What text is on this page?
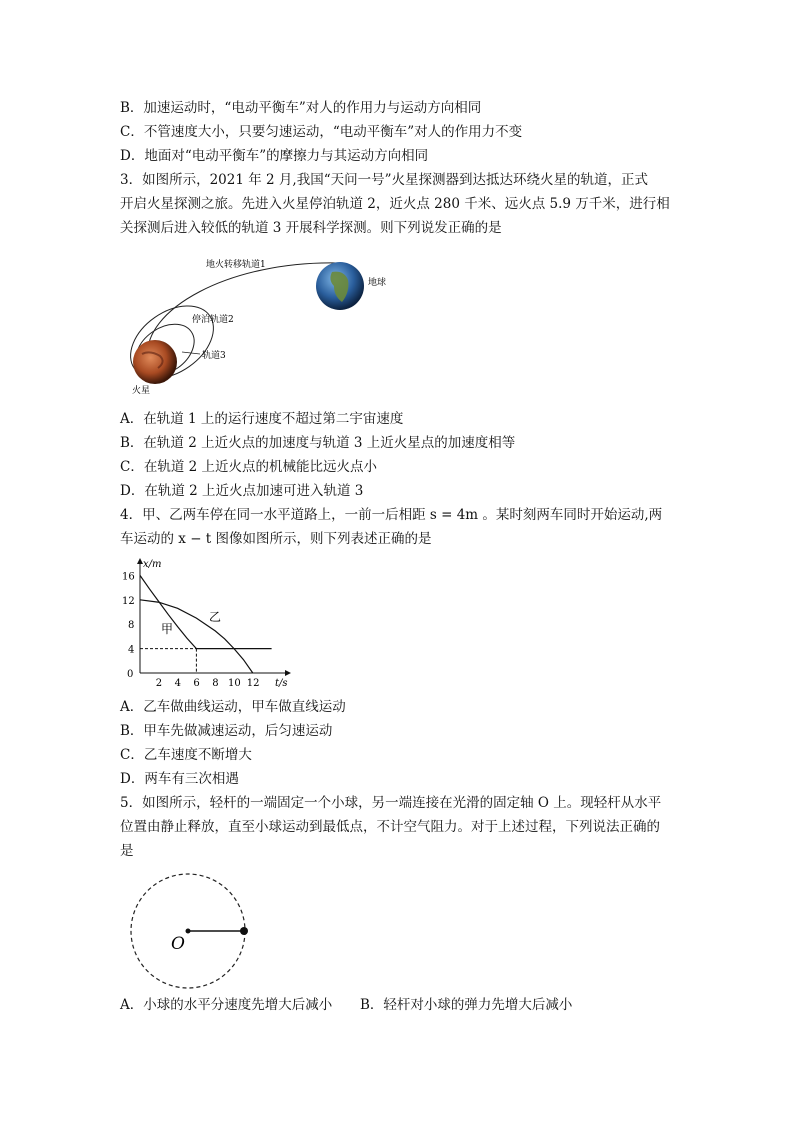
B．加速运动时，“电动平衡车”对人的作用力与运动方向相同
C．不管速度大小，只要匀速运动，“电动平衡车”对人的作用力不变
D．地面对“电动平衡车”的摩擦力与其运动方向相同
3．如图所示，2021 年 2 月,我国“天问一号”火星探测器到达抵达环绕火星的轨道，正式
开启火星探测之旅。先进入火星停泊轨道 2，近火点 280 千米、远火点 5.9 万千米，进行相
关探测后进入较低的轨道 3 开展科学探测。则下列说发正确的是
地火转移轨道1
地球
停泊轨道2
轨道3
火星
A．在轨道 1 上的运行速度不超过第二宇宙速度
B．在轨道 2 上近火点的加速度与轨道 3 上近火星点的加速度相等
C．在轨道 2 上近火点的机械能比远火点小
D．在轨道 2 上近火点加速可进入轨道 3
4．甲、乙两车停在同一水平道路上，一前一后相距 s = 4m 。某时刻两车同时开始运动,两
车运动的 x − t 图像如图所示，则下列表述正确的是
x/m
t/s
0
2 4 6 8 10 12
4
8
12
16
甲
乙
A．乙车做曲线运动，甲车做直线运动
B．甲车先做减速运动，后匀速运动
C．乙车速度不断增大
D．两车有三次相遇
5．如图所示，轻杆的一端固定一个小球，另一端连接在光滑的固定轴 O 上。现轻杆从水平
位置由静止释放，直至小球运动到最低点，不计空气阻力。对于上述过程，下列说法正确的
是
O
A．小球的水平分速度先增大后减小 B．轻杆对小球的弹力先增大后减小
